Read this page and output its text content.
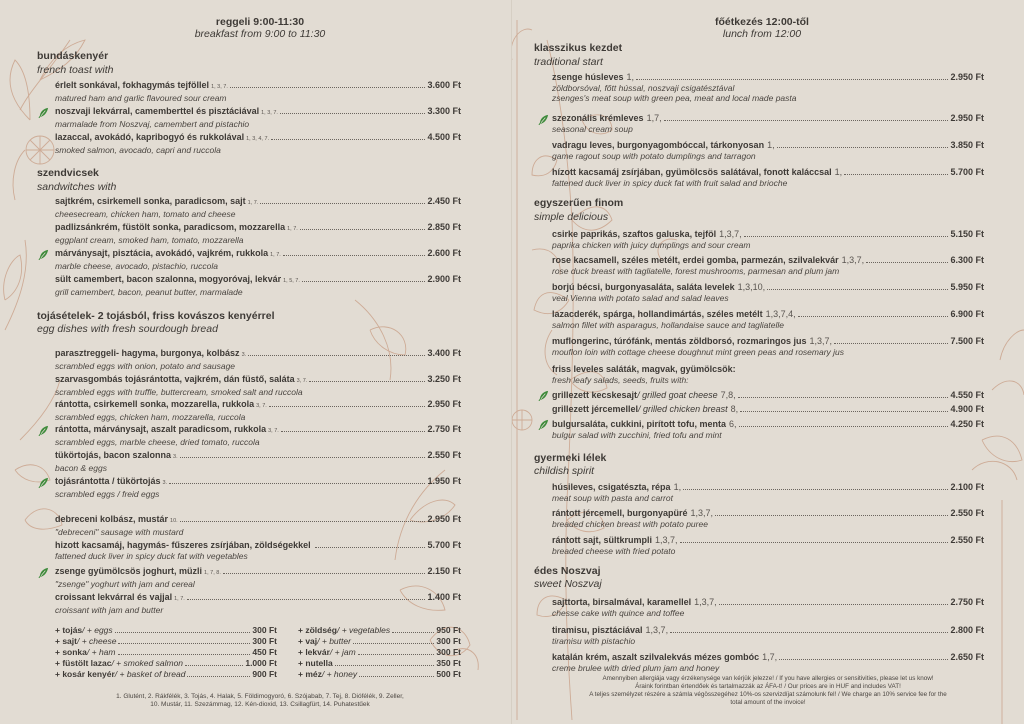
reggeli 9:00-11:30
breakfast from 9:00 to 11:30
bundáskenyér
french toast with
érlelt sonkával, fokhagymás tejföllel 1, 3, 7.	3.600 Ft
matured ham and garlic flavoured sour cream
noszvaji lekvárral, camemberttel és pisztáciával 1, 3, 7.	3.300 Ft
marmalade from Noszvaj, camembert and pistachio
lazaccal, avokádó, kapribogyó és rukkolával 1, 3, 4, 7.	4.500 Ft
smoked salmon, avocado, capri and ruccola
szendvicsek
sandwitches with
sajtkrém, csirkemell sonka, paradicsom, sajt 1, 7.	2.450 Ft
cheesecream, chicken ham, tomato and cheese
padlizsánkrém, füstölt sonka, paradicsom, mozzarella 1, 7.	2.850 Ft
eggplant cream, smoked ham, tomato, mozzarella
márványsajt, pisztácia, avokádó, vajkrém, rukkola 1, 7.	2.600 Ft
marble cheese, avocado, pistachio, ruccola
sült camembert, bacon szalonna, mogyoróvaj, lekvár 1, 5, 7.	2.900 Ft
grill camembert, bacon, peanut butter, marmalade
tojásételek- 2 tojásból, friss kovászos kenyérrel
egg dishes with fresh sourdough bread
parasztreggeli- hagyma, burgonya, kolbász 3.	3.400 Ft
scrambled eggs with onion, potato and sausage
szarvasgombás tojásrántotta, vajkrém, dán füstő, saláta 3, 7.	3.250 Ft
scrambled eggs with truffle, buttercream, smoked salt and ruccola
rántotta, csirkemell sonka, mozzarella, rukkola 3, 7.	2.950 Ft
scrambled eggs, chicken ham, mozzarella, ruccola
rántotta, márványsajt, aszalt paradicsom, rukkola 3, 7.	2.750 Ft
scrambled eggs, marble cheese, dried tomato, ruccola
tükörtojás, bacon szalonna 3.	2.550 Ft
bacon & eggs
tojásrántotta / tükörtojás 3.	1.950 Ft
scrambled eggs / freid eggs
debreceni kolbász, mustár 10.	2.950 Ft
"debreceni" sausage with mustard
hizott kacsamáj, hagymás- fűszeres zsírjában, zöldségekkel	5.700 Ft
fattened duck liver in spicy duck fat with vegetables
zsenge gyümölcsös joghurt, müzli 1, 7, 8.	2.150 Ft
"zsenge" yoghurt with jam and cereal
croissant lekvárral és vajjal 1, 7.	1.400 Ft
croissant with jam and butter
+ tojás / + eggs	300 Ft
+ sajt / + cheese	300 Ft
+ sonka / + ham	450 Ft
+ füstölt lazac / + smoked salmon	1.000 Ft
+ kosár kenyér / + basket of bread	900 Ft
+ zöldség / + vegetables	950 Ft
+ vaj / + butter	300 Ft
+ lekvár / + jam	300 Ft
+ nutella	350 Ft
+ méz / + honey	500 Ft
1. Glutént, 2. Rákfélék, 3. Tojás, 4. Halak, 5. Földimogyoró, 6. Szójabab, 7. Tej, 8. Diófélék, 9. Zeller,
10. Mustár, 11. Szezámmag, 12. Kén-dioxid, 13. Csillagfürt, 14. Puhatestűek
főétkezés 12:00-től
lunch from 12:00
klasszikus kezdet
traditional start
zsenge húsleves 1,	2.950 Ft
zöldborsóval, főtt hússal, noszvaji csigatésztával
zsenges's meat soup with green pea, meat and local made pasta
szezonális krémleves 1,7,	2.950 Ft
seasonal cream soup
vadragu leves, burgonyagombóccal, tárkonyosan 1,	3.850 Ft
game ragout soup with potato dumplings and tarragon
hízott kacsamáj zsírjában, gyümölcsös salátával, fonott kaláccsal 1,	5.700 Ft
fattened duck liver in spicy duck fat with fruit salad and brioche
egyszerűen finom
simple delicious
csirke paprikás, szaftos galuska, tejföl 1,3,7,	5.150 Ft
paprika chicken with juicy dumplings and sour cream
rose kacsamell, széles metélt, erdei gomba, parmezán, szilvalekvár 1,3,7,	6.300 Ft
rose duck breast with tagliatelle, forest mushrooms, parmesan and plum jam
borjú bécsi, burgonyasaláta, saláta levelek 1,3,10,	5.950 Ft
veal Vienna with potato salad and salad leaves
lazacderék, spárga, hollandimártás, széles metélt 1,3,7,4,	6.900 Ft
salmon fillet with asparagus, hollandaise sauce and tagliatelle
muflongerinc, túrófánk, mentás zöldborsó, rozmaringos jus 1,3,7,	7.500 Ft
mouflon loin with cottage cheese doughnut mint green peas and rosemary jus
friss leveles saláták, magvak, gyümölcsök:
fresh leafy salads, seeds, fruits with:
grillezett kecskesajt / grilled goat cheese 7,8,	4.550 Ft
grillezett jércemellel / grilled chicken breast 8,	4.900 Ft
bulgursaláta, cukkini, pirított tofu, menta 6,	4.250 Ft
bulgur salad with zucchini, fried tofu and mint
gyermeki lélek
childish spirit
húsileves, csigatészta, répa 1,	2.100 Ft
meat soup with pasta and carrot
rántott jércemell, burgonyapüré 1,3,7,	2.550 Ft
breaded chicken breast with potato puree
rántott sajt, sültkrumpli 1,3,7,	2.550 Ft
breaded cheese with fried potato
édes Noszvaj
sweet Noszvaj
sajttorta, birsalmával, karamellel 1,3,7,	2.750 Ft
chesse cake with quince and toffee
tiramisu, pisztáciával 1,3,7,	2.800 Ft
tiramisu with pistachio
katalán krém, aszalt szilvalekvás mézes gombóc 1,7,	2.650 Ft
creme brulee with dried plum jam and honey
Amennyiben allergiája vagy érzékenysége van kérjük jelezze! / If you have allergies or sensitivities, please let us know!
Áraink forintban értendőek és tartalmazzák az ÁFA-t! / Our prices are in HUF and includes VAT!
A teljes személyzet részére a számla végösszegéhez 10%-os szervizdíjat számolunk fel! / We charge an 10% service fee for the
total amount of the invoice!
